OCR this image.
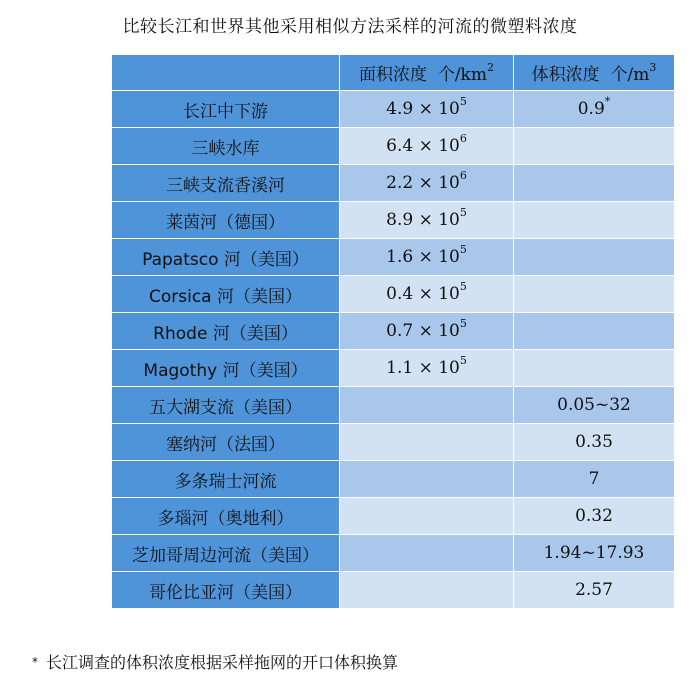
比较长江和世界其他采用相似方法采样的河流的微塑料浓度
	面积浓度 个$/km^2$	体积浓度 个$/m^3$
长江中下游	$4.9 \times 10^5$	0.9*
三峡水库	$6.4 \times 10^6$	
三峡支流香溪河	$2.2 \times 10^6$	
莱茵河（德国）	$8.9 \times 10^5$	
Papatsco 河（美国）	$1.6 \times 10^5$	
Corsica 河（美国）	$0.4 \times 10^5$	
Rhode 河（美国）	$0.7 \times 10^5$	
Magothy 河（美国）	$1.1 \times 10^5$	
五大湖支流（美国）		0.05~32
塞纳河（法国）		0.35
多条瑞士河流		7
多瑙河（奥地利）		0.32
芝加哥周边河流（美国）		1.94~17.93
哥伦比亚河（美国）		2.57
* 长江调查的体积浓度根据采样拖网的开口体积换算
